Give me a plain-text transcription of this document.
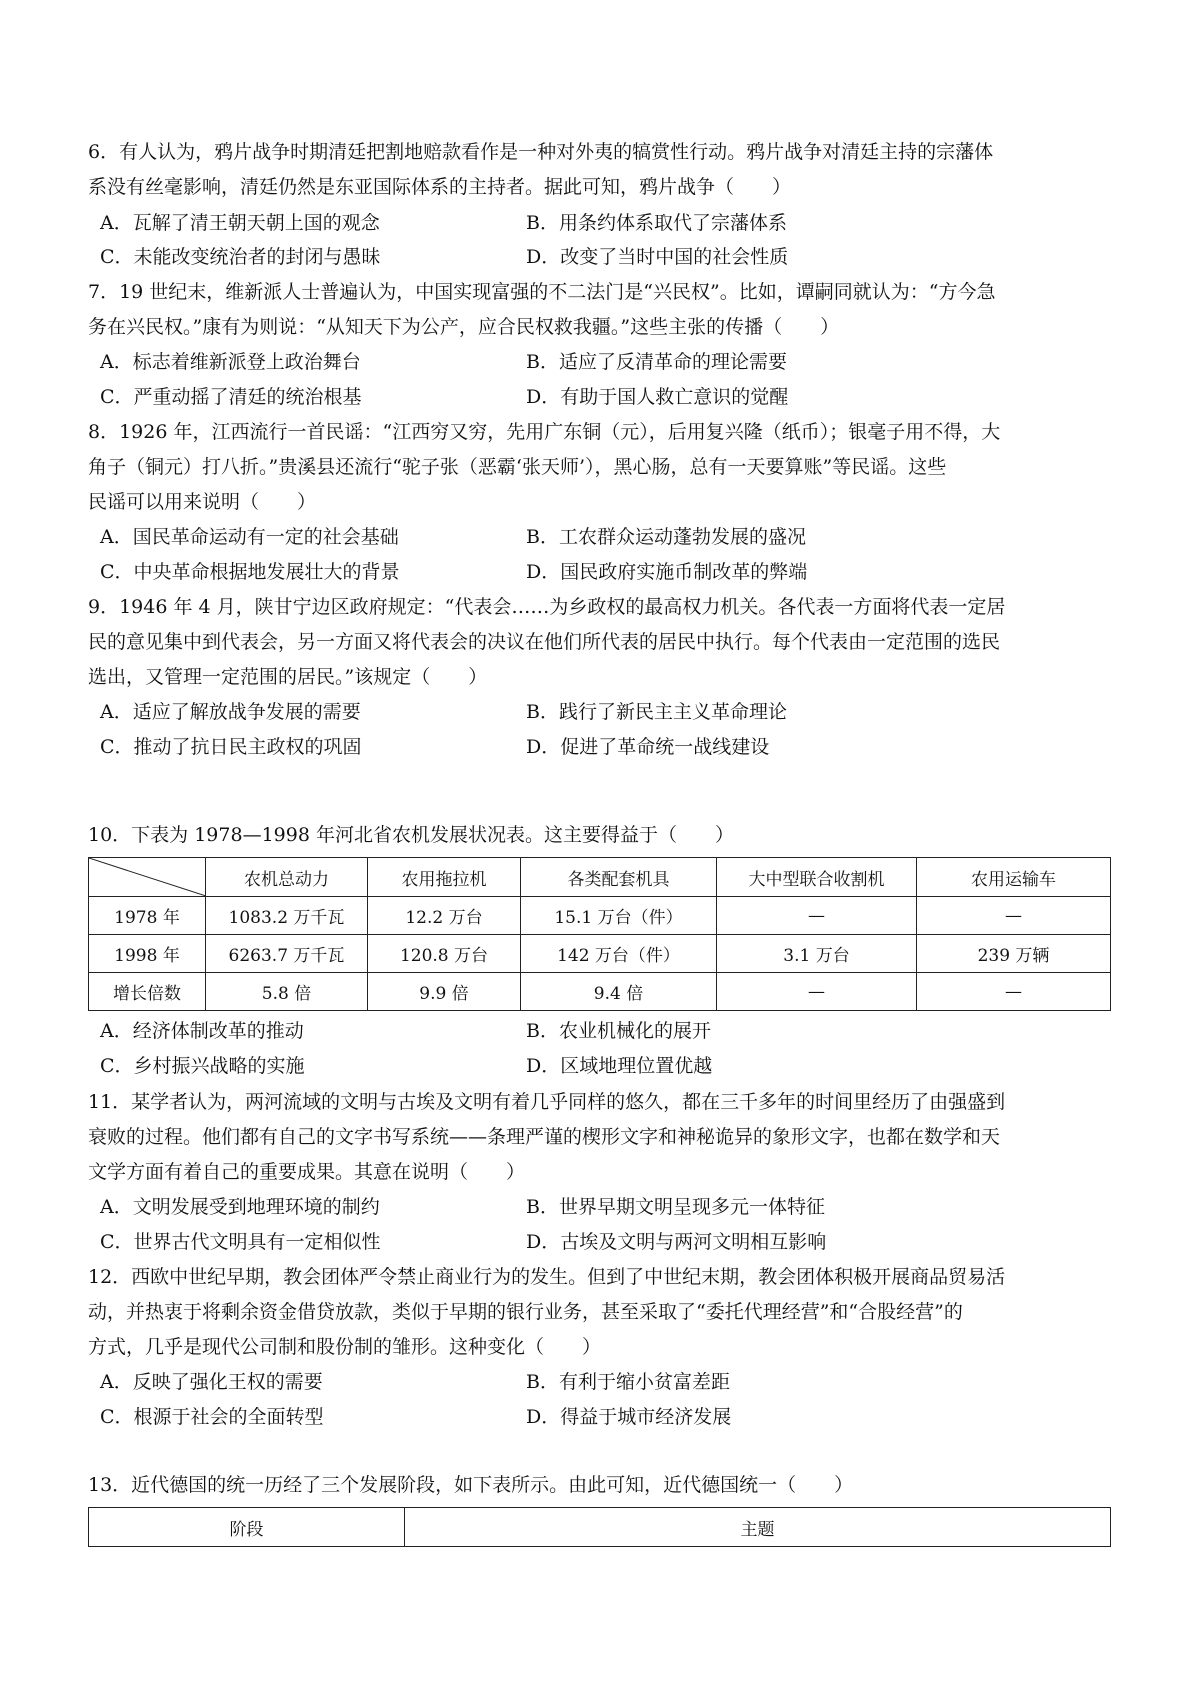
6．有人认为，鸦片战争时期清廷把割地赔款看作是一种对外夷的犒赏性行动。鸦片战争对清廷主持的宗藩体
系没有丝毫影响，清廷仍然是东亚国际体系的主持者。据此可知，鸦片战争（　　）
A．瓦解了清王朝天朝上国的观念	B．用条约体系取代了宗藩体系
C．未能改变统治者的封闭与愚昧	D．改变了当时中国的社会性质
7．19 世纪末，维新派人士普遍认为，中国实现富强的不二法门是“兴民权”。比如，谭嗣同就认为：“方今急
务在兴民权。”康有为则说：“从知天下为公产，应合民权救我疆。”这些主张的传播（　　）
A．标志着维新派登上政治舞台	B．适应了反清革命的理论需要
C．严重动摇了清廷的统治根基	D．有助于国人救亡意识的觉醒
8．1926 年，江西流行一首民谣：“江西穷又穷，先用广东铜（元），后用复兴隆（纸币）；银毫子用不得，大
角子（铜元）打八折。”贵溪县还流行“驼子张（恶霸‘张天师’），黑心肠，总有一天要算账”等民谣。这些
民谣可以用来说明（　　）
A．国民革命运动有一定的社会基础	B．工农群众运动蓬勃发展的盛况
C．中央革命根据地发展壮大的背景	D．国民政府实施币制改革的弊端
9．1946 年 4 月，陕甘宁边区政府规定：“代表会……为乡政权的最高权力机关。各代表一方面将代表一定居
民的意见集中到代表会，另一方面又将代表会的决议在他们所代表的居民中执行。每个代表由一定范围的选民
选出，又管理一定范围的居民。”该规定（　　）
A．适应了解放战争发展的需要	B．践行了新民主主义革命理论
C．推动了抗日民主政权的巩固	D．促进了革命统一战线建设
10．下表为 1978—1998 年河北省农机发展状况表。这主要得益于（　　）
	农机总动力	农用拖拉机	各类配套机具	大中型联合收割机	农用运输车
1978 年	1083.2 万千瓦	12.2 万台	15.1 万台（件）	—	—
1998 年	6263.7 万千瓦	120.8 万台	142 万台（件）	3.1 万台	239 万辆
增长倍数	5.8 倍	9.9 倍	9.4 倍	—	—
A．经济体制改革的推动	B．农业机械化的展开
C．乡村振兴战略的实施	D．区域地理位置优越
11．某学者认为，两河流域的文明与古埃及文明有着几乎同样的悠久，都在三千多年的时间里经历了由强盛到
衰败的过程。他们都有自己的文字书写系统——条理严谨的楔形文字和神秘诡异的象形文字，也都在数学和天
文学方面有着自己的重要成果。其意在说明（　　）
A．文明发展受到地理环境的制约	B．世界早期文明呈现多元一体特征
C．世界古代文明具有一定相似性	D．古埃及文明与两河文明相互影响
12．西欧中世纪早期，教会团体严令禁止商业行为的发生。但到了中世纪末期，教会团体积极开展商品贸易活
动，并热衷于将剩余资金借贷放款，类似于早期的银行业务，甚至采取了“委托代理经营”和“合股经营”的
方式，几乎是现代公司制和股份制的雏形。这种变化（　　）
A．反映了强化王权的需要	B．有利于缩小贫富差距
C．根源于社会的全面转型	D．得益于城市经济发展
13．近代德国的统一历经了三个发展阶段，如下表所示。由此可知，近代德国统一（　　）
阶段	主题
